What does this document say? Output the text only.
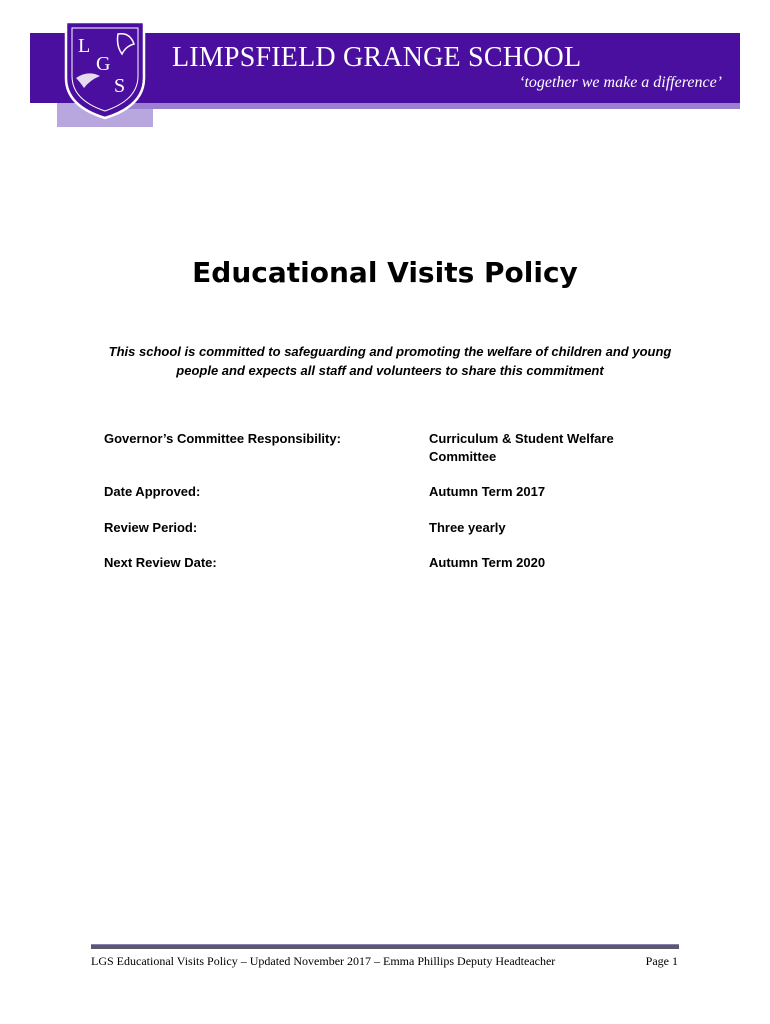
L
G
S
LIMPSFIELD GRANGE SCHOOL
‘together we make a difference’
Educational Visits Policy
This school is committed to safeguarding and promoting the welfare of children and young people and expects all staff and volunteers to share this commitment
Governor’s Committee Responsibility:	Curriculum & Student Welfare Committee
Date Approved:	Autumn Term 2017
Review Period:	Three yearly
Next Review Date:	Autumn Term 2020
LGS Educational Visits Policy – Updated November 2017 – Emma Phillips Deputy Headteacher	Page 1
